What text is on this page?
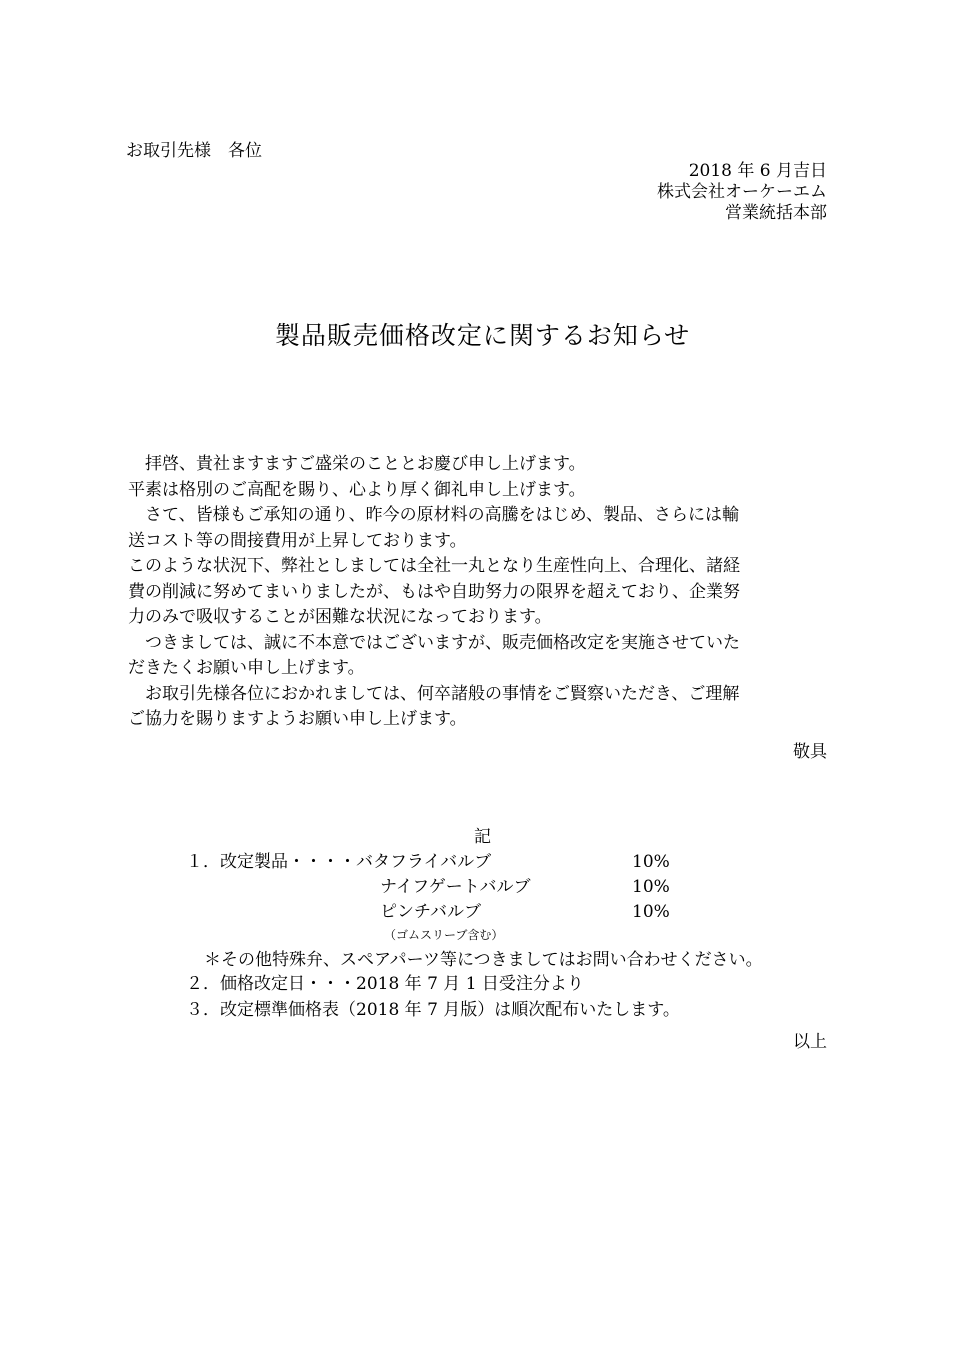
お取引先様　各位
2018 年 6 月吉日
株式会社オーケーエム
営業統括本部
製品販売価格改定に関するお知らせ
　拝啓、貴社ますますご盛栄のこととお慶び申し上げます。
平素は格別のご高配を賜り、心より厚く御礼申し上げます。
　さて、皆様もご承知の通り、昨今の原材料の高騰をはじめ、製品、さらには輸
送コスト等の間接費用が上昇しております。
このような状況下、弊社としましては全社一丸となり生産性向上、合理化、諸経
費の削減に努めてまいりましたが、もはや自助努力の限界を超えており、企業努
力のみで吸収することが困難な状況になっております。
　つきましては、誠に不本意ではございますが、販売価格改定を実施させていた
だきたくお願い申し上げます。
　お取引先様各位におかれましては、何卒諸般の事情をご賢察いただき、ご理解
ご協力を賜りますようお願い申し上げます。
敬具
記
１．改定製品・・・・バタフライバルブ	10%
ナイフゲートバルブ	10%
ピンチバルブ	10%
（ゴムスリーブ含む）
＊その他特殊弁、スペアパーツ等につきましてはお問い合わせください。
２．価格改定日・・・2018 年 7 月 1 日受注分より
３．改定標準価格表（2018 年 7 月版）は順次配布いたします。
以上
